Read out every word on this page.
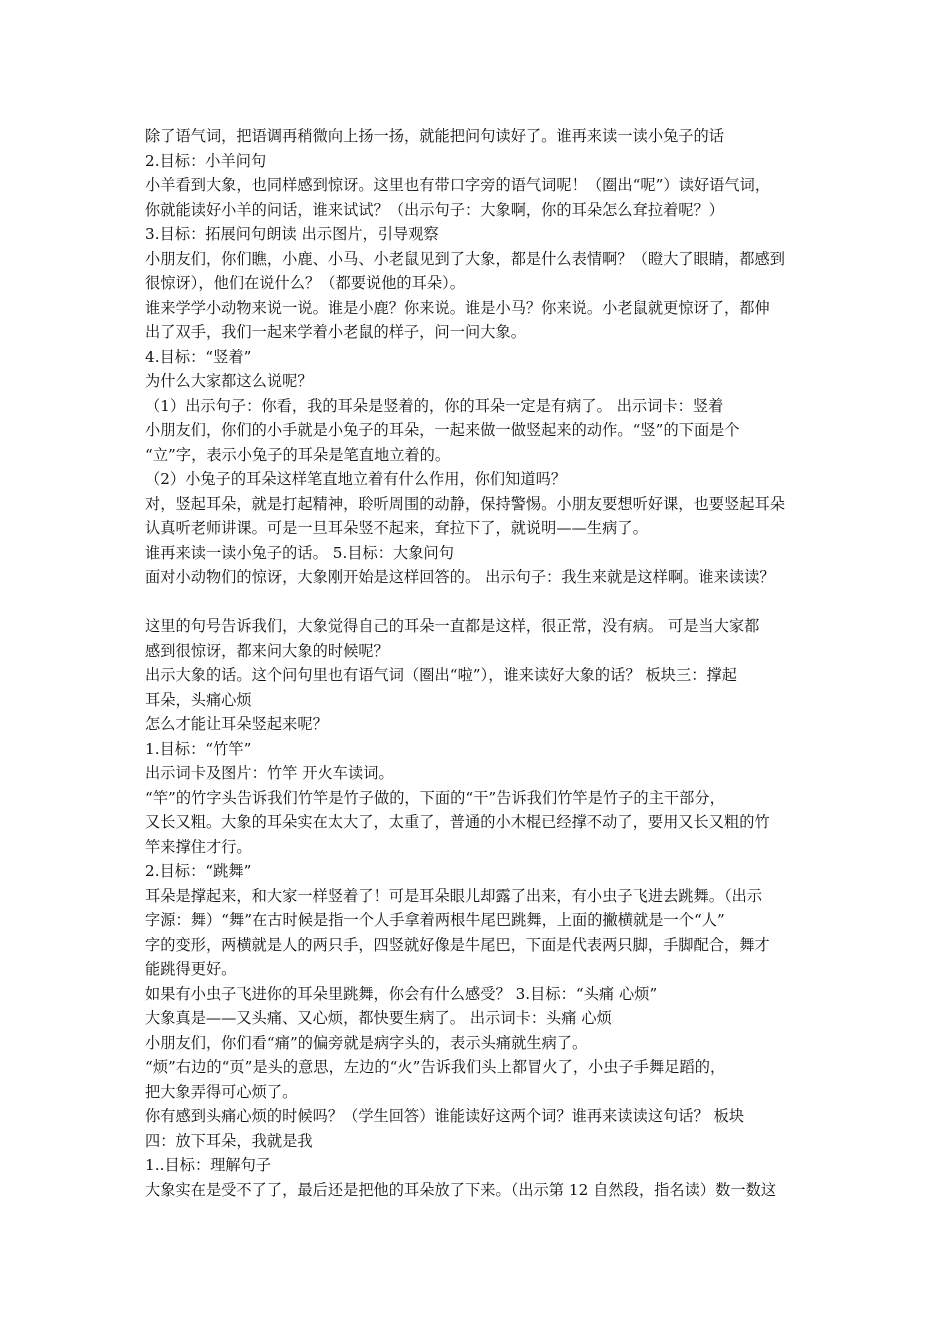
除了语气词，把语调再稍微向上扬一扬，就能把问句读好了。谁再来读一读小兔子的话
2.目标：小羊问句
小羊看到大象，也同样感到惊讶。这里也有带口字旁的语气词呢！（圈出“呢”）读好语气词，
你就能读好小羊的问话，谁来试试？（出示句子：大象啊，你的耳朵怎么耷拉着呢？）
3.目标：拓展问句朗读 出示图片，引导观察
小朋友们，你们瞧，小鹿、小马、小老鼠见到了大象，都是什么表情啊？（瞪大了眼睛，都感到
很惊讶），他们在说什么？（都要说他的耳朵）。
谁来学学小动物来说一说。谁是小鹿？你来说。谁是小马？你来说。小老鼠就更惊讶了，都伸
出了双手，我们一起来学着小老鼠的样子，问一问大象。
4.目标：“竖着”
为什么大家都这么说呢？
（1）出示句子：你看，我的耳朵是竖着的，你的耳朵一定是有病了。 出示词卡：竖着
小朋友们，你们的小手就是小兔子的耳朵，一起来做一做竖起来的动作。“竖”的下面是个
“立”字，表示小兔子的耳朵是笔直地立着的。
（2）小兔子的耳朵这样笔直地立着有什么作用，你们知道吗？
对，竖起耳朵，就是打起精神，聆听周围的动静，保持警惕。小朋友要想听好课，也要竖起耳朵
认真听老师讲课。可是一旦耳朵竖不起来，耷拉下了，就说明——生病了。
谁再来读一读小兔子的话。 5.目标：大象问句
面对小动物们的惊讶，大象刚开始是这样回答的。 出示句子：我生来就是这样啊。谁来读读？
这里的句号告诉我们，大象觉得自己的耳朵一直都是这样，很正常，没有病。 可是当大家都
感到很惊讶，都来问大象的时候呢？
出示大象的话。这个问句里也有语气词（圈出“啦”），谁来读好大象的话？ 板块三：撑起
耳朵，头痛心烦
怎么才能让耳朵竖起来呢？
1.目标：“竹竿”
出示词卡及图片：竹竿 开火车读词。
“竿”的竹字头告诉我们竹竿是竹子做的，下面的“干”告诉我们竹竿是竹子的主干部分，
又长又粗。大象的耳朵实在太大了，太重了，普通的小木棍已经撑不动了，要用又长又粗的竹
竿来撑住才行。
2.目标：“跳舞”
耳朵是撑起来，和大家一样竖着了！可是耳朵眼儿却露了出来，有小虫子飞进去跳舞。（出示
字源：舞）“舞”在古时候是指一个人手拿着两根牛尾巴跳舞，上面的撇横就是一个“人”
字的变形，两横就是人的两只手，四竖就好像是牛尾巴，下面是代表两只脚，手脚配合，舞才
能跳得更好。
如果有小虫子飞进你的耳朵里跳舞，你会有什么感受？ 3.目标：“头痛 心烦”
大象真是——又头痛、又心烦，都快要生病了。 出示词卡：头痛 心烦
小朋友们，你们看“痛”的偏旁就是病字头的，表示头痛就生病了。
“烦”右边的“页”是头的意思，左边的“火”告诉我们头上都冒火了，小虫子手舞足蹈的，
把大象弄得可心烦了。
你有感到头痛心烦的时候吗？（学生回答）谁能读好这两个词？谁再来读读这句话？ 板块
四：放下耳朵，我就是我
1..目标：理解句子
大象实在是受不了了，最后还是把他的耳朵放了下来。（出示第 12 自然段，指名读）数一数这
